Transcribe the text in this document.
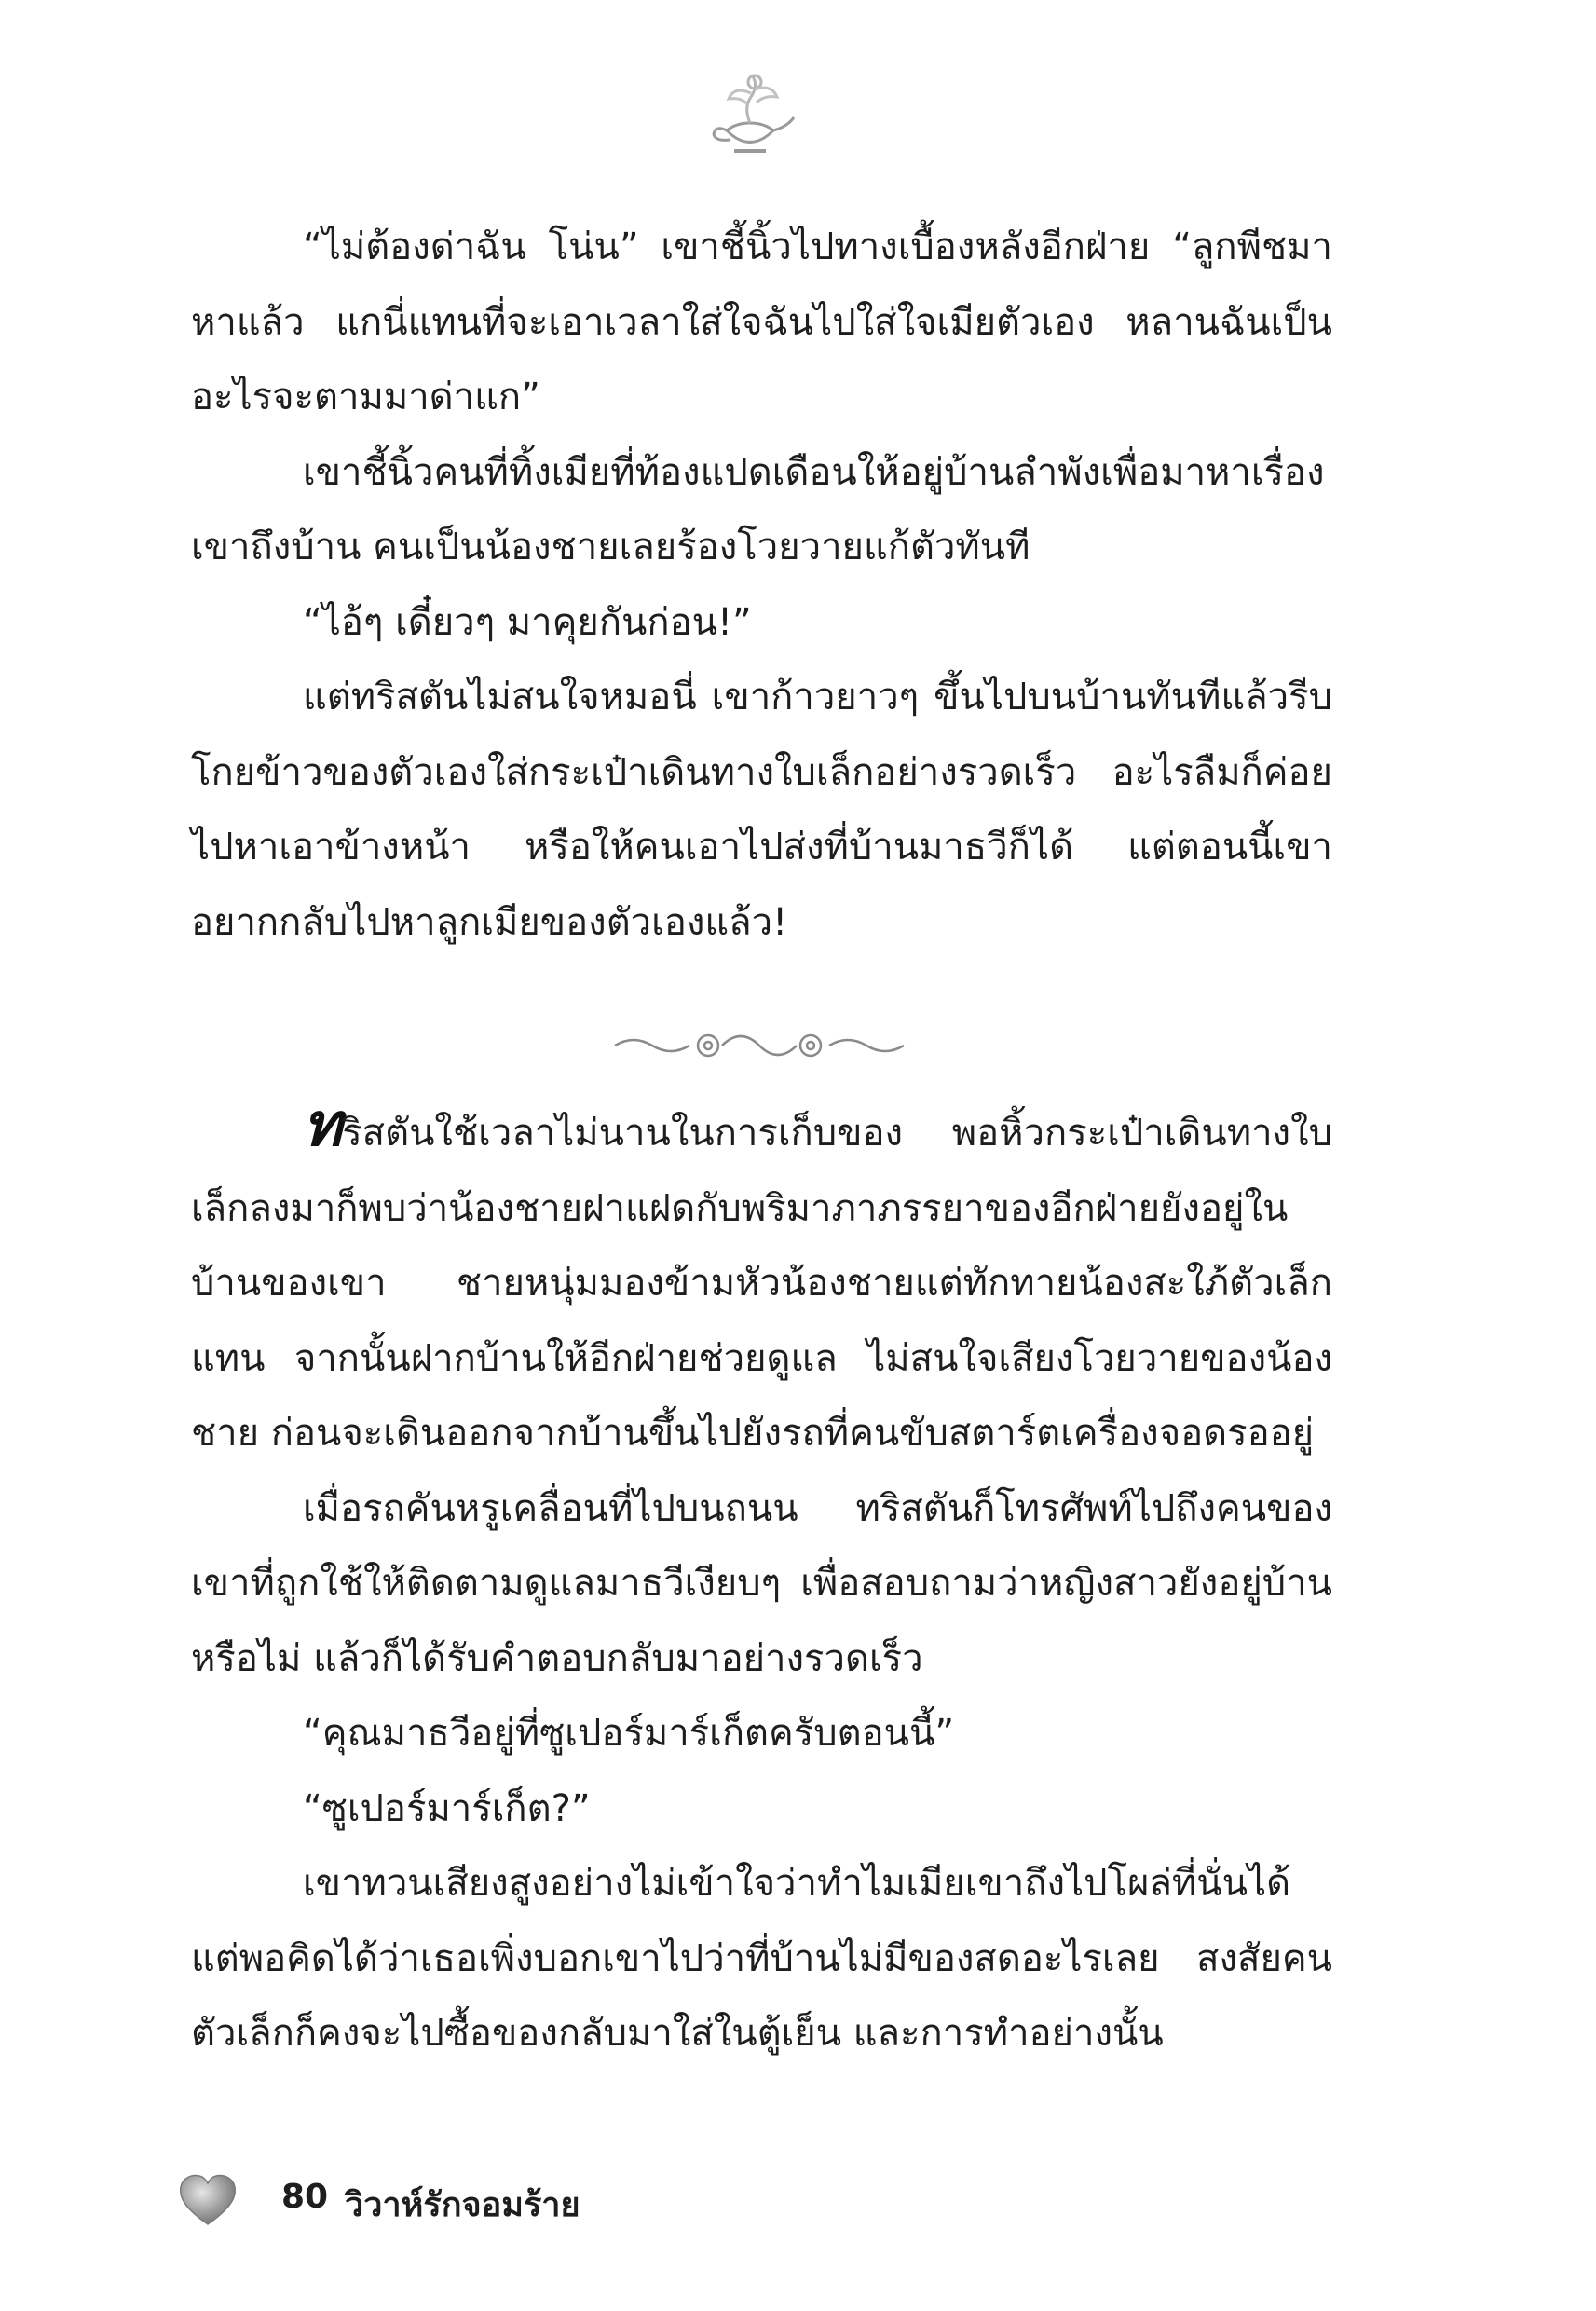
“ไม่ต้องด่าฉัน โน่น” เขาชี้นิ้วไปทางเบื้องหลังอีกฝ่าย “ลูกพีชมาหาแล้ว แกนี่แทนที่จะเอาเวลาใส่ใจฉันไปใส่ใจเมียตัวเอง หลานฉันเป็นอะไรจะตามมาด่าแก”

เขาชี้นิ้วคนที่ทิ้งเมียที่ท้องแปดเดือนให้อยู่บ้านลำพังเพื่อมาหาเรื่องเขาถึงบ้าน คนเป็นน้องชายเลยร้องโวยวายแก้ตัวทันที

“ไอ้ๆ เดี๋ยวๆ มาคุยกันก่อน!”

แต่ทริสตันไม่สนใจหมอนี่ เขาก้าวยาวๆ ขึ้นไปบนบ้านทันทีแล้วรีบโกยข้าวของตัวเองใส่กระเป๋าเดินทางใบเล็กอย่างรวดเร็ว อะไรลืมก็ค่อยไปหาเอาข้างหน้า หรือให้คนเอาไปส่งที่บ้านมาธวีก็ได้ แต่ตอนนี้เขาอยากกลับไปหาลูกเมียของตัวเองแล้ว!

ทริสตันใช้เวลาไม่นานในการเก็บของ พอหิ้วกระเป๋าเดินทางใบเล็กลงมาก็พบว่าน้องชายฝาแฝดกับพริมาภาภรรยาของอีกฝ่ายยังอยู่ในบ้านของเขา ชายหนุ่มมองข้ามหัวน้องชายแต่ทักทายน้องสะใภ้ตัวเล็กแทน จากนั้นฝากบ้านให้อีกฝ่ายช่วยดูแล ไม่สนใจเสียงโวยวายของน้องชาย ก่อนจะเดินออกจากบ้านขึ้นไปยังรถที่คนขับสตาร์ตเครื่องจอดรออยู่

เมื่อรถคันหรูเคลื่อนที่ไปบนถนน ทริสตันก็โทรศัพท์ไปถึงคนของเขาที่ถูกใช้ให้ติดตามดูแลมาธวีเงียบๆ เพื่อสอบถามว่าหญิงสาวยังอยู่บ้านหรือไม่ แล้วก็ได้รับคำตอบกลับมาอย่างรวดเร็ว

“คุณมาธวีอยู่ที่ซูเปอร์มาร์เก็ตครับตอนนี้”

“ซูเปอร์มาร์เก็ต?”

เขาทวนเสียงสูงอย่างไม่เข้าใจว่าทำไมเมียเขาถึงไปโผล่ที่นั่นได้ แต่พอคิดได้ว่าเธอเพิ่งบอกเขาไปว่าที่บ้านไม่มีของสดอะไรเลย สงสัยคนตัวเล็กก็คงจะไปซื้อของกลับมาใส่ในตู้เย็น และการทำอย่างนั้น

80 วิวาห์รักจอมร้าย
